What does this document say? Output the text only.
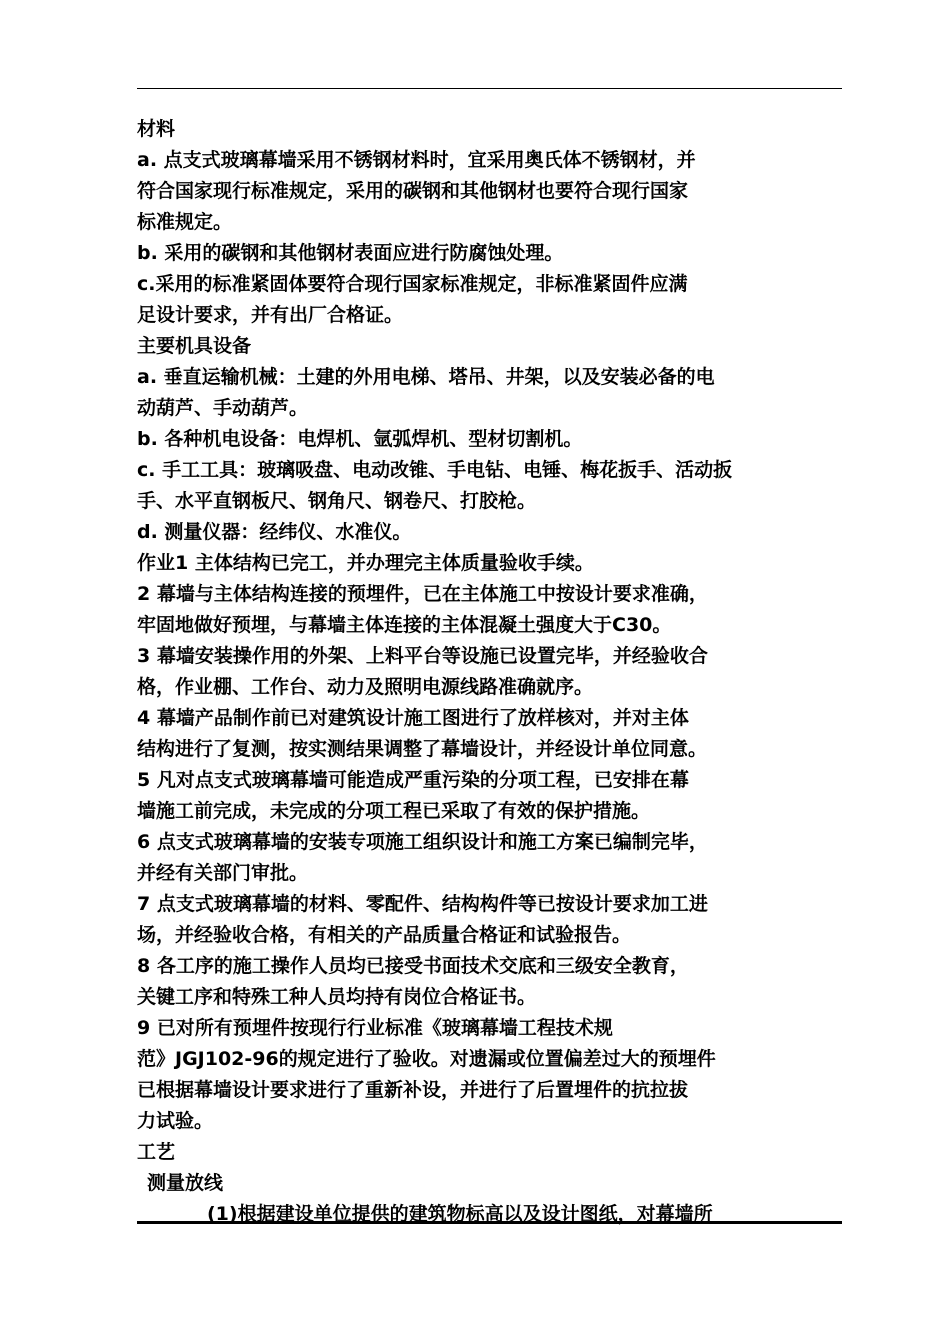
材料
a. 点支式玻璃幕墙采用不锈钢材料时，宜采用奥氏体不锈钢材，并
符合国家现行标准规定，采用的碳钢和其他钢材也要符合现行国家
标准规定。
b. 采用的碳钢和其他钢材表面应进行防腐蚀处理。
c.采用的标准紧固体要符合现行国家标准规定，非标准紧固件应满
足设计要求，并有出厂合格证。
主要机具设备
a. 垂直运输机械：土建的外用电梯、塔吊、井架，以及安装必备的电
动葫芦、手动葫芦。
b. 各种机电设备：电焊机、氩弧焊机、型材切割机。
c. 手工工具：玻璃吸盘、电动改锥、手电钻、电锤、梅花扳手、活动扳
手、水平直钢板尺、钢角尺、钢卷尺、打胶枪。
d. 测量仪器：经纬仪、水准仪。
作业1 主体结构已完工，并办理完主体质量验收手续。
2 幕墙与主体结构连接的预埋件，已在主体施工中按设计要求准确，
牢固地做好预埋，与幕墙主体连接的主体混凝土强度大于C30。
3 幕墙安装操作用的外架、上料平台等设施已设置完毕，并经验收合
格，作业棚、工作台、动力及照明电源线路准确就序。
4 幕墙产品制作前已对建筑设计施工图进行了放样核对，并对主体
结构进行了复测，按实测结果调整了幕墙设计，并经设计单位同意。
5 凡对点支式玻璃幕墙可能造成严重污染的分项工程，已安排在幕
墙施工前完成，未完成的分项工程已采取了有效的保护措施。
6 点支式玻璃幕墙的安装专项施工组织设计和施工方案已编制完毕，
并经有关部门审批。
7 点支式玻璃幕墙的材料、零配件、结构构件等已按设计要求加工进
场，并经验收合格，有相关的产品质量合格证和试验报告。
8 各工序的施工操作人员均已接受书面技术交底和三级安全教育，
关键工序和特殊工种人员均持有岗位合格证书。
9 已对所有预埋件按现行行业标准《玻璃幕墙工程技术规
范》JGJ102-96的规定进行了验收。对遗漏或位置偏差过大的预埋件
已根据幕墙设计要求进行了重新补设，并进行了后置埋件的抗拉拔
力试验。
工艺
测量放线
(1)根据建设单位提供的建筑物标高以及设计图纸，对幕墙所
